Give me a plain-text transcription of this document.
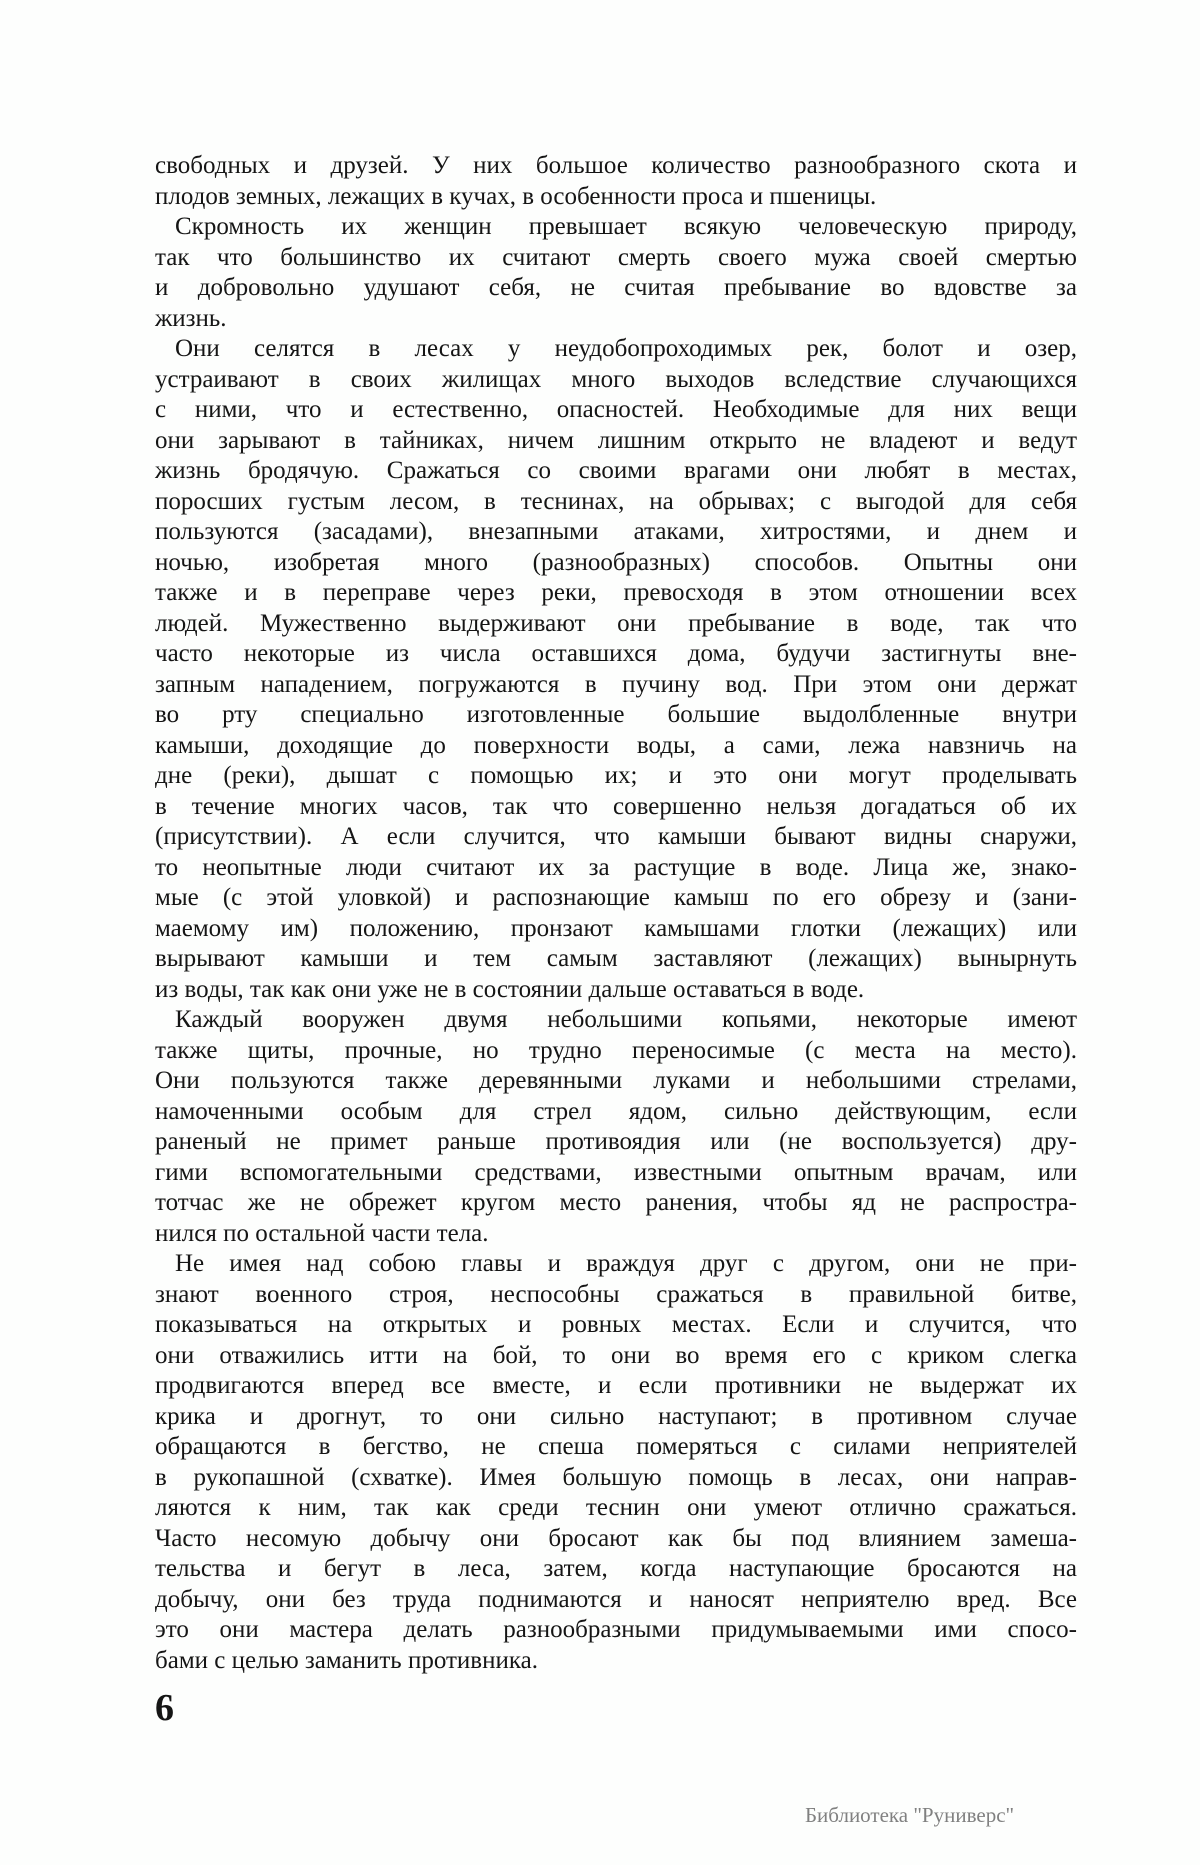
свободных и друзей. У них большое количество разнообразного скота и
плодов земных, лежащих в кучах, в особенности проса и пшеницы.
Скромность их женщин превышает всякую человеческую природу,
так что большинство их считают смерть своего мужа своей смертью
и добровольно удушают себя, не считая пребывание во вдовстве за
жизнь.
Они селятся в лесах у неудобопроходимых рек, болот и озер,
устраивают в своих жилищах много выходов вследствие случающихся
с ними, что и естественно, опасностей. Необходимые для них вещи
они зарывают в тайниках, ничем лишним открыто не владеют и ведут
жизнь бродячую. Сражаться со своими врагами они любят в местах,
поросших густым лесом, в теснинах, на обрывах; с выгодой для себя
пользуются (засадами), внезапными атаками, хитростями, и днем и
ночью, изобретая много (разнообразных) способов. Опытны они
также и в переправе через реки, превосходя в этом отношении всех
людей. Мужественно выдерживают они пребывание в воде, так что
часто некоторые из числа оставшихся дома, будучи застигнуты вне-
запным нападением, погружаются в пучину вод. При этом они держат
во рту специально изготовленные большие выдолбленные внутри
камыши, доходящие до поверхности воды, а сами, лежа навзничь на
дне (реки), дышат с помощью их; и это они могут проделывать
в течение многих часов, так что совершенно нельзя догадаться об их
(присутствии). А если случится, что камыши бывают видны снаружи,
то неопытные люди считают их за растущие в воде. Лица же, знако-
мые (с этой уловкой) и распознающие камыш по его обрезу и (зани-
маемому им) положению, пронзают камышами глотки (лежащих) или
вырывают камыши и тем самым заставляют (лежащих) вынырнуть
из воды, так как они уже не в состоянии дальше оставаться в воде.
Каждый вооружен двумя небольшими копьями, некоторые имеют
также щиты, прочные, но трудно переносимые (с места на место).
Они пользуются также деревянными луками и небольшими стрелами,
намоченными особым для стрел ядом, сильно действующим, если
раненый не примет раньше противоядия или (не воспользуется) дру-
гими вспомогательными средствами, известными опытным врачам, или
тотчас же не обрежет кругом место ранения, чтобы яд не распростра-
нился по остальной части тела.
Не имея над собою главы и враждуя друг с другом, они не при-
знают военного строя, неспособны сражаться в правильной битве,
показываться на открытых и ровных местах. Если и случится, что
они отважились итти на бой, то они во время его с криком слегка
продвигаются вперед все вместе, и если противники не выдержат их
крика и дрогнут, то они сильно наступают; в противном случае
обращаются в бегство, не спеша померяться с силами неприятелей
в рукопашной (схватке). Имея большую помощь в лесах, они направ-
ляются к ним, так как среди теснин они умеют отлично сражаться.
Часто несомую добычу они бросают как бы под влиянием замеша-
тельства и бегут в леса, затем, когда наступающие бросаются на
добычу, они без труда поднимаются и наносят неприятелю вред. Все
это они мастера делать разнообразными придумываемыми ими спосо-
бами с целью заманить противника.
6
Библиотека "Руниверс"
